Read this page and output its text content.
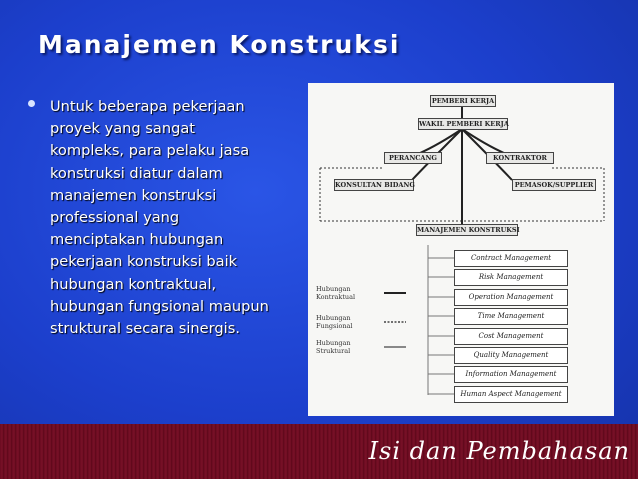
Manajemen Konstruksi
Untuk beberapa pekerjaan
proyek yang sangat
kompleks, para pelaku jasa
konstruksi diatur dalam
manajemen konstruksi
professional yang
menciptakan hubungan
pekerjaan konstruksi baik
hubungan kontraktual,
hubungan fungsional maupun
struktural secara sinergis.
PEMBERI KERJA
WAKIL PEMBERI KERJA
PERANCANG	KONTRAKTOR
KONSULTAN BIDANG	PEMASOK/SUPPLIER
MANAJEMEN KONSTRUKSI
Contract Management
Risk Management
Operation Management
Time Management
Cost Management
Quality Management
Information Management
Human Aspect Management
Hubungan
Kontraktual
Hubungan
Fungsional
Hubungan
Struktural
Isi dan Pembahasan
